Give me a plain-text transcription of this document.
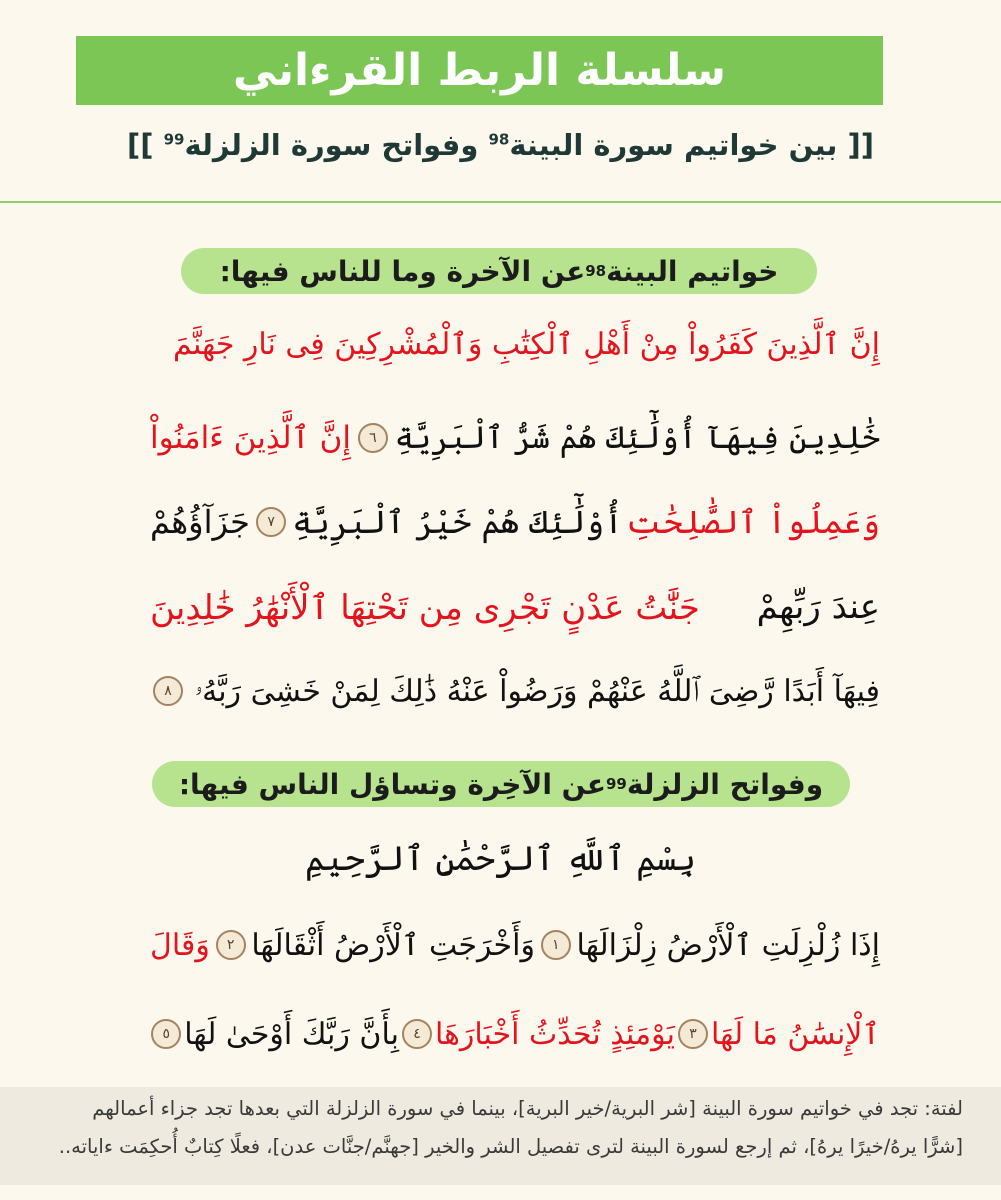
سلسلة الربط القرءاني
[[ بين خواتيم سورة البينة$^{98}$ وفواتح سورة الزلزلة$^{99}$ ]]
خواتيم البينة
98
عن الآخرة وما للناس فيها:
إِنَّ ٱلَّذِينَ كَفَرُواْ مِنْ أَهْلِ ٱلْكِتَٰبِ وَٱلْمُشْرِكِينَ فِى نَارِ جَهَنَّمَ
خَٰلِدِينَ فِيهَآ أُوْلَٰٓئِكَ هُمْ شَرُّ ٱلْبَرِيَّةِ
٦
إِنَّ ٱلَّذِينَ ءَامَنُواْ
وَعَمِلُواْ ٱلصَّٰلِحَٰتِ
أُوْلَٰٓئِكَ هُمْ خَيْرُ ٱلْبَرِيَّةِ
٧
جَزَآؤُهُمْ
عِندَ رَبِّهِمْ
جَنَّٰتُ عَدْنٍ تَجْرِى مِن تَحْتِهَا ٱلْأَنْهَٰرُ خَٰلِدِينَ
فِيهَآ أَبَدًا رَّضِىَ ٱللَّهُ عَنْهُمْ وَرَضُواْ عَنْهُ ذَٰلِكَ لِمَنْ خَشِىَ رَبَّهُۥ
٨
وفواتح الزلزلة
99
عن الآخِرة وتساؤل الناس فيها:
بِسْمِ ٱللَّهِ ٱلرَّحْمَٰنِ ٱلرَّحِيمِ
إِذَا زُلْزِلَتِ ٱلْأَرْضُ زِلْزَالَهَا
١
وَأَخْرَجَتِ ٱلْأَرْضُ أَثْقَالَهَا
٢
وَقَالَ
ٱلْإِنسَٰنُ مَا لَهَا
٣
يَوْمَئِذٍ تُحَدِّثُ أَخْبَارَهَا
٤
بِأَنَّ رَبَّكَ أَوْحَىٰ لَهَا
٥

لفتة: تجد في خواتيم سورة البينة [شر البرية/خير البرية]، بينما في سورة الزلزلة التي بعدها تجد جزاء أعمالهم

[شرًّا يرهُ/خيرًا يرهُ]، ثم إرجع لسورة البينة لترى تفصيل الشر والخير [جهنَّم/جنَّات عدن]، فعلًا كِتابٌ أُحكِمَت ءاياته..
